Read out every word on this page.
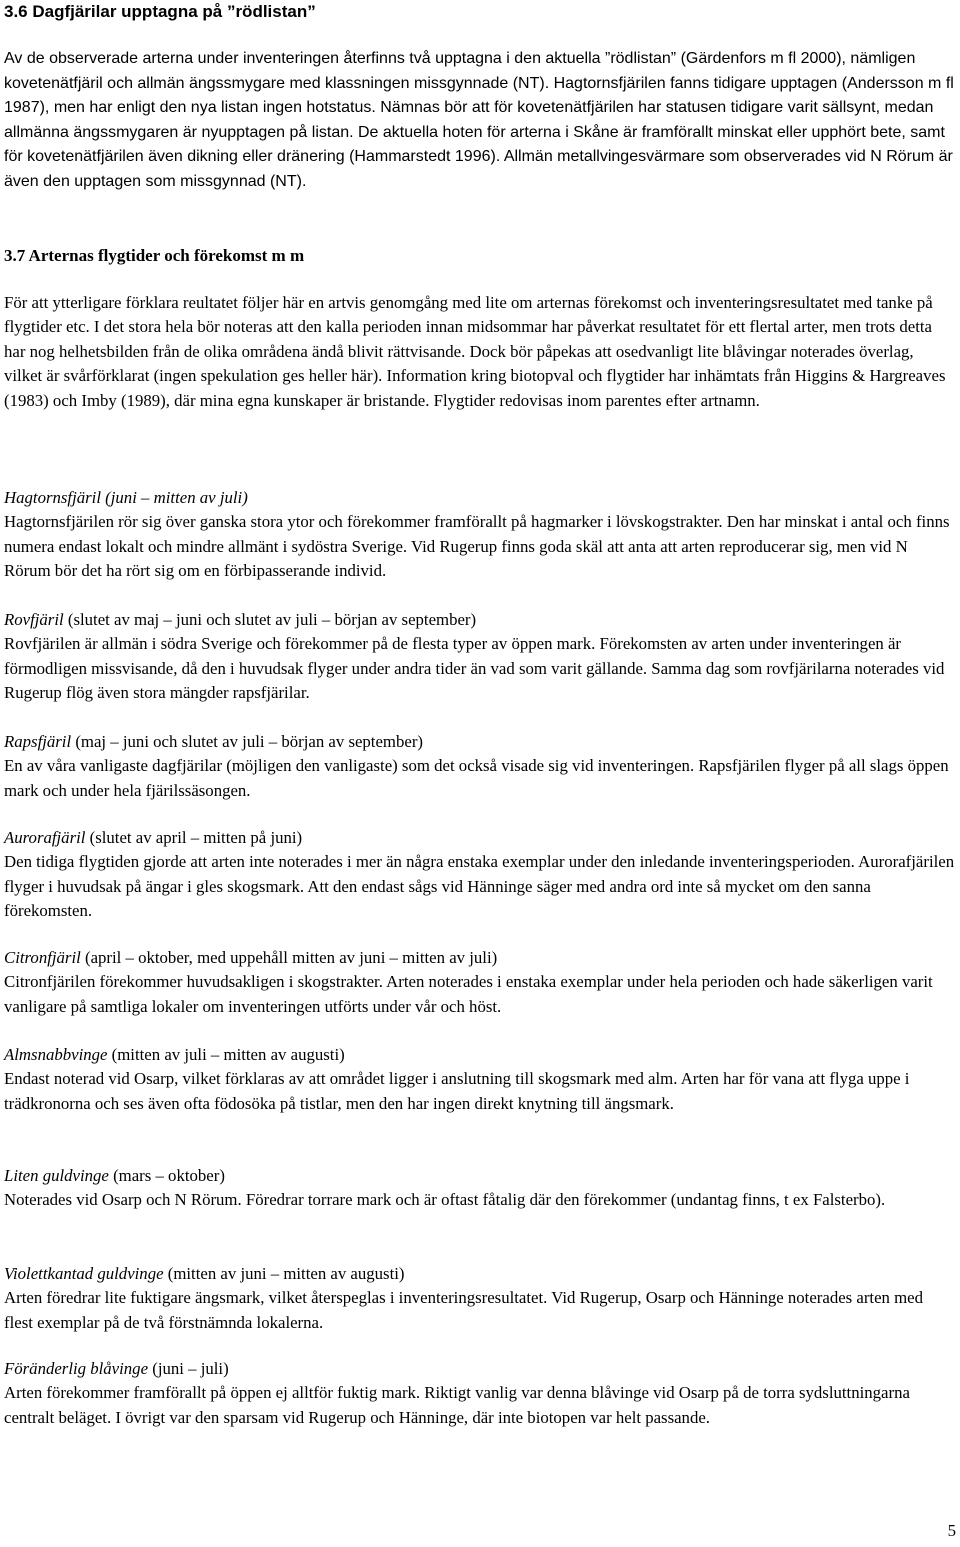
3.6 Dagfjärilar upptagna på ”rödlistan”

Av de observerade arterna under inventeringen återfinns två upptagna i den aktuella ”rödlistan” (Gärdenfors m fl 2000), nämligen kovetenätfjäril och allmän ängssmygare med klassningen missgynnade (NT). Hagtornsfjärilen fanns tidigare upptagen (Andersson m fl 1987), men har enligt den nya listan ingen hotstatus. Nämnas bör att för kovetenätfjärilen har statusen tidigare varit sällsynt, medan allmänna ängssmygaren är nyupptagen på listan. De aktuella hoten för arterna i Skåne är framförallt minskat eller upphört bete, samt för kovetenätfjärilen även dikning eller dränering (Hammarstedt 1996). Allmän metallvingesvärmare som observerades vid N Rörum är även den upptagen som missgynnad (NT).

3.7 Arternas flygtider och förekomst m m

För att ytterligare förklara reultatet följer här en artvis genomgång med lite om arternas förekomst och inventeringsresultatet med tanke på flygtider etc. I det stora hela bör noteras att den kalla perioden innan midsommar har påverkat resultatet för ett flertal arter, men trots detta har nog helhetsbilden från de olika områdena ändå blivit rättvisande. Dock bör påpekas att osedvanligt lite blåvingar noterades överlag, vilket är svårförklarat (ingen spekulation ges heller här). Information kring biotopval och flygtider har inhämtats från Higgins & Hargreaves (1983) och Imby (1989), där mina egna kunskaper är bristande. Flygtider redovisas inom parentes efter artnamn.

Hagtornsfjäril (juni – mitten av juli)
Hagtornsfjärilen rör sig över ganska stora ytor och förekommer framförallt på hagmarker i lövskogstrakter. Den har minskat i antal och finns numera endast lokalt och mindre allmänt i sydöstra Sverige. Vid Rugerup finns goda skäl att anta att arten reproducerar sig, men vid N Rörum bör det ha rört sig om en förbipasserande individ.
Rovfjäril (slutet av maj – juni och slutet av juli – början av september)
Rovfjärilen är allmän i södra Sverige och förekommer på de flesta typer av öppen mark. Förekomsten av arten under inventeringen är förmodligen missvisande, då den i huvudsak flyger under andra tider än vad som varit gällande. Samma dag som rovfjärilarna noterades vid Rugerup flög även stora mängder rapsfjärilar.
Rapsfjäril (maj – juni och slutet av juli – början av september)
En av våra vanligaste dagfjärilar (möjligen den vanligaste) som det också visade sig vid inventeringen. Rapsfjärilen flyger på all slags öppen mark och under hela fjärilssäsongen.
Aurorafjäril (slutet av april – mitten på juni)
Den tidiga flygtiden gjorde att arten inte noterades i mer än några enstaka exemplar under den inledande inventeringsperioden. Aurorafjärilen flyger i huvudsak på ängar i gles skogsmark. Att den endast sågs vid Hänninge säger med andra ord inte så mycket om den sanna förekomsten.
Citronfjäril (april – oktober, med uppehåll mitten av juni – mitten av juli)
Citronfjärilen förekommer huvudsakligen i skogstrakter. Arten noterades i enstaka exemplar under hela perioden och hade säkerligen varit vanligare på samtliga lokaler om inventeringen utförts under vår och höst.
Almsnabbvinge (mitten av juli – mitten av augusti)
Endast noterad vid Osarp, vilket förklaras av att området ligger i anslutning till skogsmark med alm. Arten har för vana att flyga uppe i trädkronorna och ses även ofta födosöka på tistlar, men den har ingen direkt knytning till ängsmark.
Liten guldvinge (mars – oktober)
Noterades vid Osarp och N Rörum. Föredrar torrare mark och är oftast fåtalig där den förekommer (undantag finns, t ex Falsterbo).
Violettkantad guldvinge (mitten av juni – mitten av augusti)
Arten föredrar lite fuktigare ängsmark, vilket återspeglas i inventeringsresultatet. Vid Rugerup, Osarp och Hänninge noterades arten med flest exemplar på de två förstnämnda lokalerna.
Föränderlig blåvinge (juni – juli)
Arten förekommer framförallt på öppen ej alltför fuktig mark. Riktigt vanlig var denna blåvinge vid Osarp på de torra sydsluttningarna centralt beläget. I övrigt var den sparsam vid Rugerup och Hänninge, där inte biotopen var helt passande.
5
